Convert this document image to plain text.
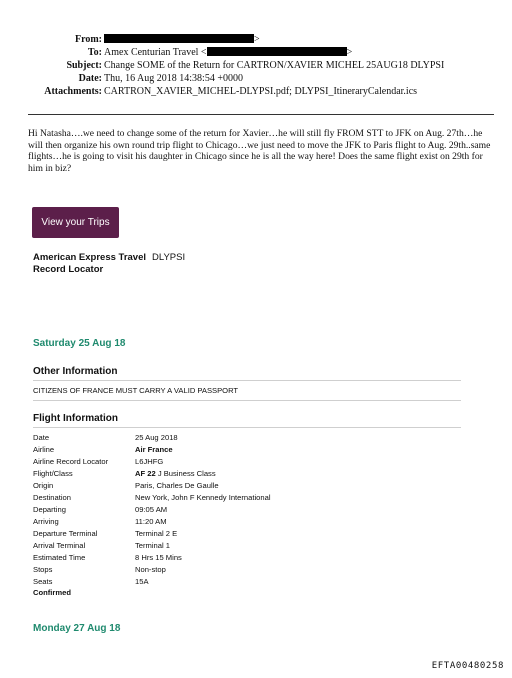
From:	>
To: Amex Centurian Travel <	>
Subject: Change SOME of the Return for CARTRON/XAVIER MICHEL 25AUG18 DLYPSI
Date: Thu, 16 Aug 2018 14:38:54 +0000
Attachments: CARTRON_XAVIER_MICHEL-DLYPSI.pdf; DLYPSI_ItineraryCalendar.ics
Hi Natasha….we need to change some of the return for Xavier…he will still fly FROM STT to JFK on Aug. 27th…he will then organize his own round trip flight to Chicago…we just need to move the JFK to Paris flight to Aug. 29th..same flights…he is going to visit his daughter in Chicago since he is all the way here! Does the same flight exist on 29th for him in biz?
View your Trips
American Express Travel DLYPSI
Record Locator
Saturday 25 Aug 18
Other Information
CITIZENS OF FRANCE MUST CARRY A VALID PASSPORT
Flight Information
Date	25 Aug 2018
Airline	Air France
Airline Record Locator	L6JHFG
Flight/Class	AF 22 J Business Class
Origin	Paris, Charles De Gaulle
Destination	New York, John F Kennedy International
Departing	09:05 AM
Arriving	11:20 AM
Departure Terminal	Terminal 2 E
Arrival Terminal	Terminal 1
Estimated Time	8 Hrs 15 Mins
Stops	Non-stop
Seats	15A
Confirmed
Monday 27 Aug 18
EFTA00480258
